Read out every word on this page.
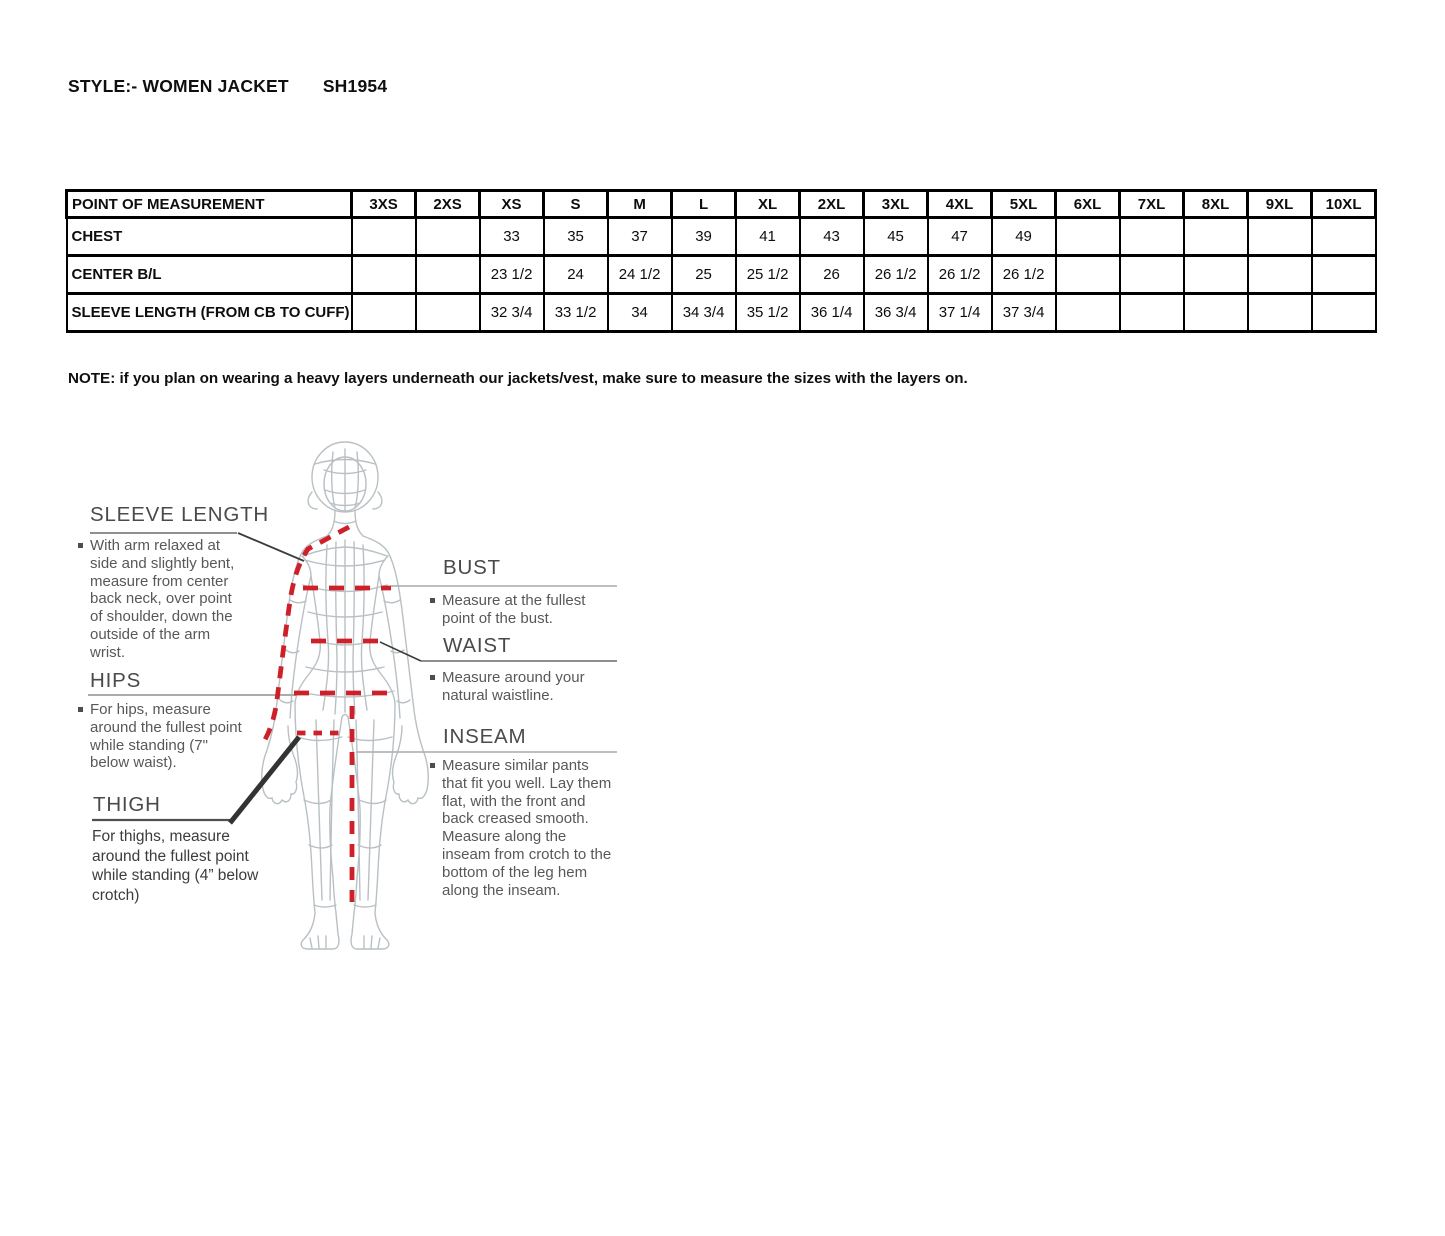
STYLE:- WOMEN JACKET SH1954
POINT OF MEASUREMENT	3XS	2XS	XS	S	M	L	XL	2XL	3XL	4XL	5XL	6XL	7XL	8XL	9XL	10XL
CHEST			33	35	37	39	41	43	45	47	49					
CENTER B/L			23 1/2	24	24 1/2	25	25 1/2	26	26 1/2	26 1/2	26 1/2					
SLEEVE LENGTH (FROM CB TO CUFF)			32 3/4	33 1/2	34	34 3/4	35 1/2	36 1/4	36 3/4	37 1/4	37 3/4					
NOTE: if you plan on wearing a heavy layers underneath our jackets/vest, make sure to measure the sizes with the layers on.
SLEEVE LENGTH
With arm relaxed at side and slightly bent, measure from center back neck, over point of shoulder, down the outside of the arm wrist.
HIPS
For hips, measure around the fullest point while standing (7" below waist).
THIGH
For thighs, measure around the fullest point while standing (4” below crotch)
BUST
Measure at the fullest point of the bust.
WAIST
Measure around your natural waistline.
INSEAM
Measure similar pants that fit you well. Lay them flat, with the front and back creased smooth. Measure along the inseam from crotch to the bottom of the leg hem along the inseam.
